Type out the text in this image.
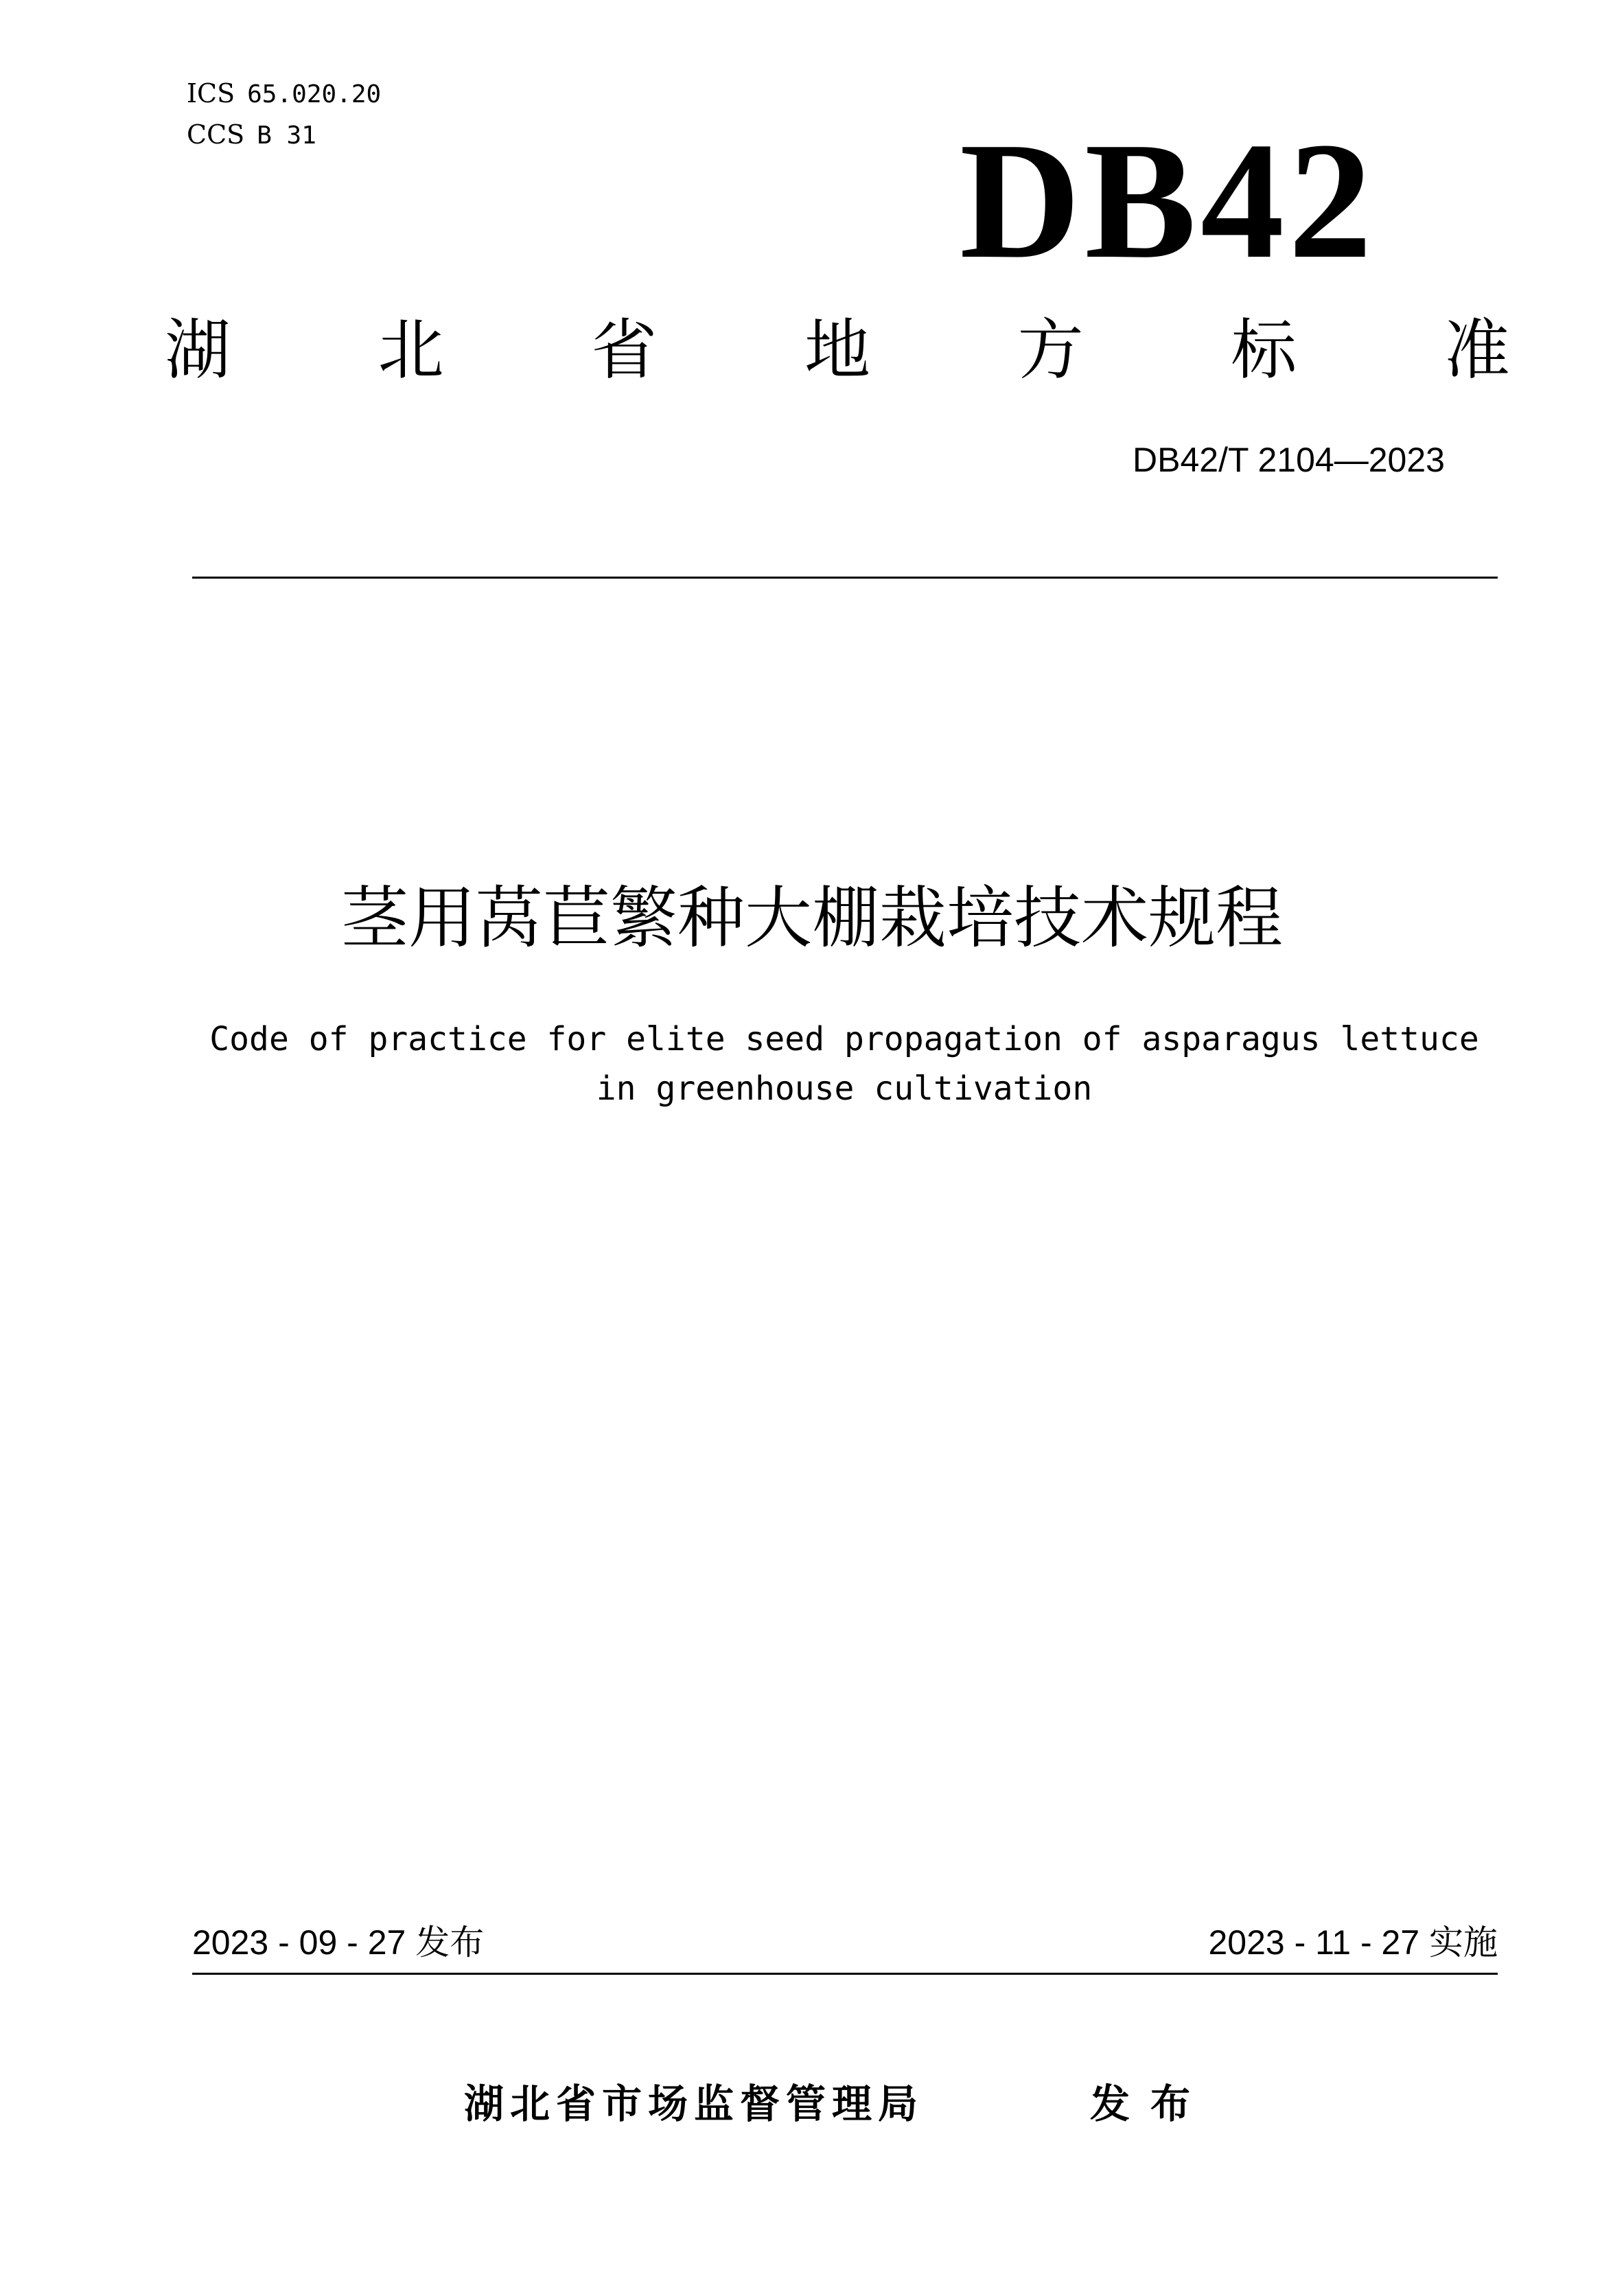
ICS 65.020.20
CCS B 31	DB42
湖 北 省 地 方 标 准
DB42/T 2104—2023
茎用莴苣繁种大棚栽培技术规程
Code of practice for elite seed propagation of asparagus lettuce in greenhouse cultivation
2023 - 09 - 27 发布	2023 - 11 - 27 实施
湖北省市场监督管理局	发布
